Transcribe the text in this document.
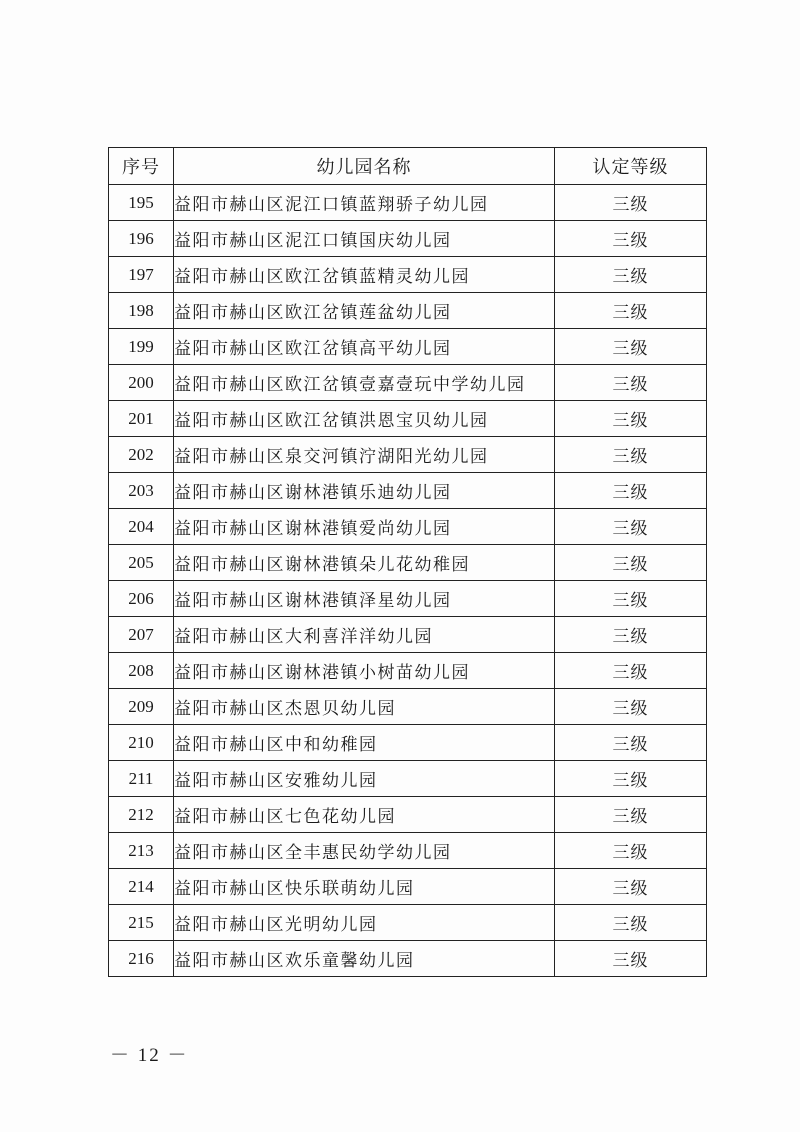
序号	幼儿园名称	认定等级
195	益阳市赫山区泥江口镇蓝翔骄子幼儿园	三级
196	益阳市赫山区泥江口镇国庆幼儿园	三级
197	益阳市赫山区欧江岔镇蓝精灵幼儿园	三级
198	益阳市赫山区欧江岔镇莲盆幼儿园	三级
199	益阳市赫山区欧江岔镇高平幼儿园	三级
200	益阳市赫山区欧江岔镇壹嘉壹玩中学幼儿园	三级
201	益阳市赫山区欧江岔镇洪恩宝贝幼儿园	三级
202	益阳市赫山区泉交河镇泞湖阳光幼儿园	三级
203	益阳市赫山区谢林港镇乐迪幼儿园	三级
204	益阳市赫山区谢林港镇爱尚幼儿园	三级
205	益阳市赫山区谢林港镇朵儿花幼稚园	三级
206	益阳市赫山区谢林港镇泽星幼儿园	三级
207	益阳市赫山区大利喜洋洋幼儿园	三级
208	益阳市赫山区谢林港镇小树苗幼儿园	三级
209	益阳市赫山区杰恩贝幼儿园	三级
210	益阳市赫山区中和幼稚园	三级
211	益阳市赫山区安雅幼儿园	三级
212	益阳市赫山区七色花幼儿园	三级
213	益阳市赫山区全丰惠民幼学幼儿园	三级
214	益阳市赫山区快乐联萌幼儿园	三级
215	益阳市赫山区光明幼儿园	三级
216	益阳市赫山区欢乐童馨幼儿园	三级
－ 12 －
